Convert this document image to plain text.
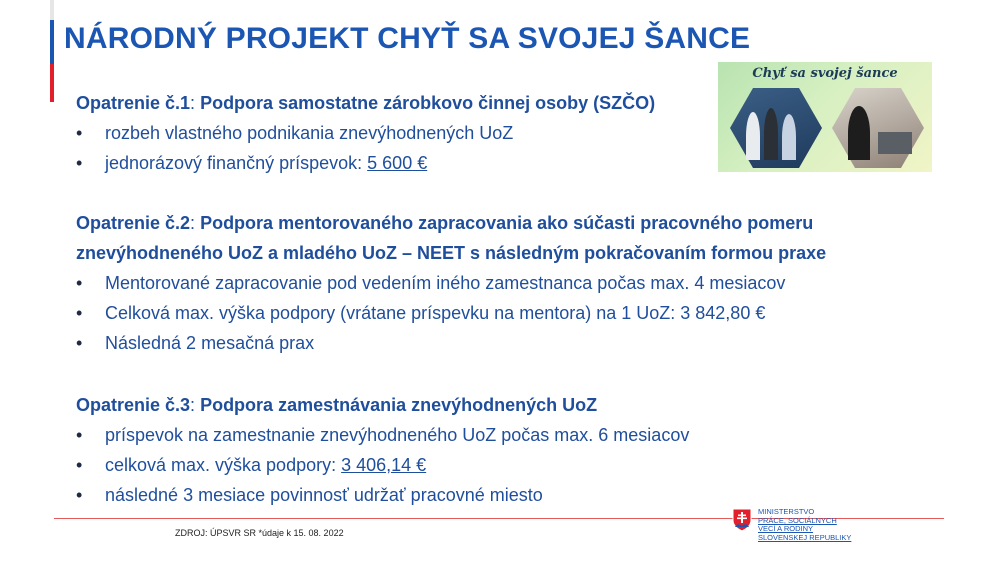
NÁRODNÝ PROJEKT CHYŤ SA SVOJEJ ŠANCE
Chyť sa svojej šance

Opatrenie č.1: Podpora samostatne zárobkovo činnej osoby (SZČO)

• rozbeh vlastného podnikania znevýhodnených UoZ
• jednorázový finančný príspevok: 5 600 €

Opatrenie č.2: Podpora mentorovaného zapracovania ako súčasti pracovného pomeru
znevýhodneného UoZ a mladého UoZ – NEET s následným pokračovaním formou praxe

• Mentorované zapracovanie pod vedením iného zamestnanca počas max. 4 mesiacov
• Celková max. výška podpory (vrátane príspevku na mentora) na 1 UoZ: 3 842,80 €
• Následná 2 mesačná prax

Opatrenie č.3: Podpora zamestnávania znevýhodnených UoZ

• príspevok na zamestnanie znevýhodneného UoZ počas max. 6 mesiacov
• celková max. výška podpory: 3 406,14 €
• následné 3 mesiace povinnosť udržať pracovné miesto
ZDROJ: ÚPSVR SR *údaje k 15. 08. 2022
MINISTERSTVO
PRÁCE, SOCIÁLNYCH
VECÍ A RODINY
SLOVENSKEJ REPUBLIKY
